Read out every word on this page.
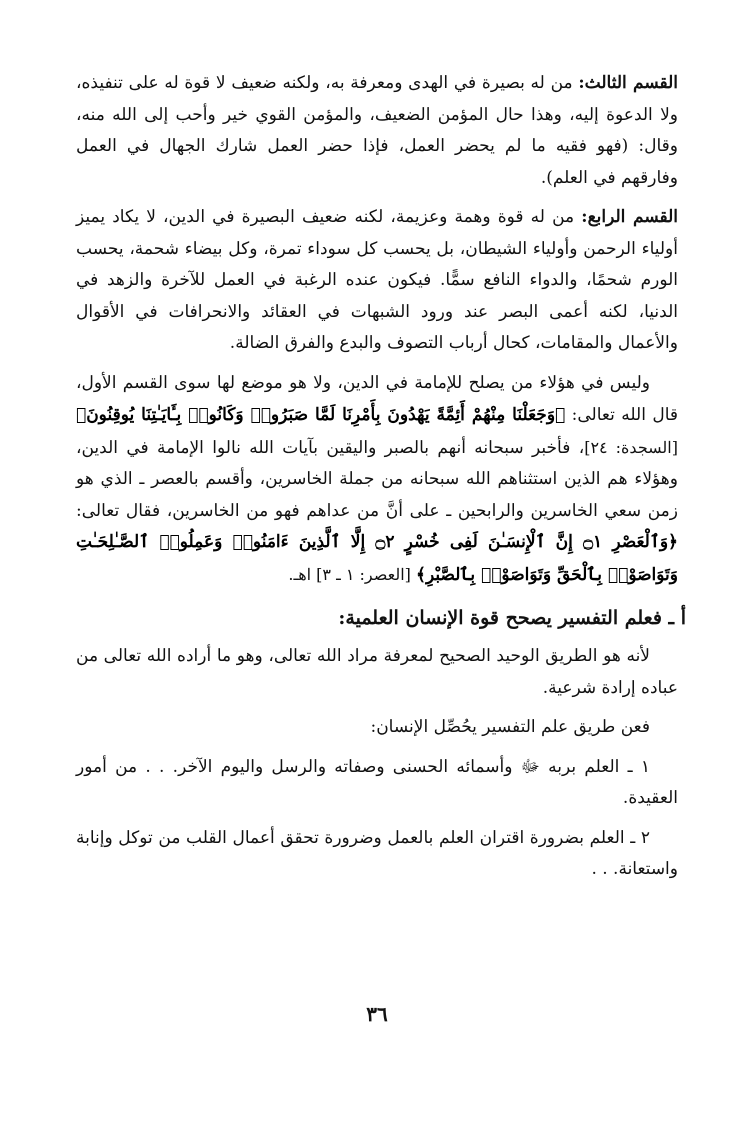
القسم الثالث: من له بصيرة في الهدى ومعرفة به، ولكنه ضعيف لا قوة له على تنفيذه، ولا الدعوة إليه، وهذا حال المؤمن الضعيف، والمؤمن القوي خير وأحب إلى الله منه، وقال: (فهو فقيه ما لم يحضر العمل، فإذا حضر العمل شارك الجهال في العمل وفارقهم في العلم).

القسم الرابع: من له قوة وهمة وعزيمة، لكنه ضعيف البصيرة في الدين، لا يكاد يميز أولياء الرحمن وأولياء الشيطان، بل يحسب كل سوداء تمرة، وكل بيضاء شحمة، يحسب الورم شحمًا، والدواء النافع سمًّا. فيكون عنده الرغبة في العمل للآخرة والزهد في الدنيا، لكنه أعمى البصر عند ورود الشبهات في العقائد والانحرافات في الأقوال والأعمال والمقامات، كحال أرباب التصوف والبدع والفرق الضالة.

وليس في هؤلاء من يصلح للإمامة في الدين، ولا هو موضع لها سوى القسم الأول، قال الله تعالى: ﴿وَجَعَلْنَا مِنْهُمْ أَئِمَّةً يَهْدُونَ بِأَمْرِنَا لَمَّا صَبَرُوا۟ وَكَانُوا۟ بِـَٔايَـٰتِنَا يُوقِنُونَ﴾ [السجدة: ٢٤]، فأخبر سبحانه أنهم بالصبر واليقين بآيات الله نالوا الإمامة في الدين، وهؤلاء هم الذين استثناهم الله سبحانه من جملة الخاسرين، وأقسم بالعصر ـ الذي هو زمن سعي الخاسرين والرابحين ـ على أنَّ من عداهم فهو من الخاسرين، فقال تعالى: ﴿وَٱلْعَصْرِ ۝١ إِنَّ ٱلْإِنسَـٰنَ لَفِى خُسْرٍ ۝٢ إِلَّا ٱلَّذِينَ ءَامَنُوا۟ وَعَمِلُوا۟ ٱلصَّـٰلِحَـٰتِ وَتَوَاصَوْا۟ بِٱلْحَقِّ وَتَوَاصَوْا۟ بِٱلصَّبْرِ﴾ [العصر: ١ ـ ٣] اهـ.

أ ـ فعلم التفسير يصحح قوة الإنسان العلمية:

لأنه هو الطريق الوحيد الصحيح لمعرفة مراد الله تعالى، وهو ما أراده الله تعالى من عباده إرادة شرعية.

فعن طريق علم التفسير يحُصِّل الإنسان:

١ ـ العلم بربه ﷻ وأسمائه الحسنى وصفاته والرسل واليوم الآخر. . . من أمور العقيدة.

٢ ـ العلم بضرورة اقتران العلم بالعمل وضرورة تحقق أعمال القلب من توكل وإنابة واستعانة. . .

٣٦
